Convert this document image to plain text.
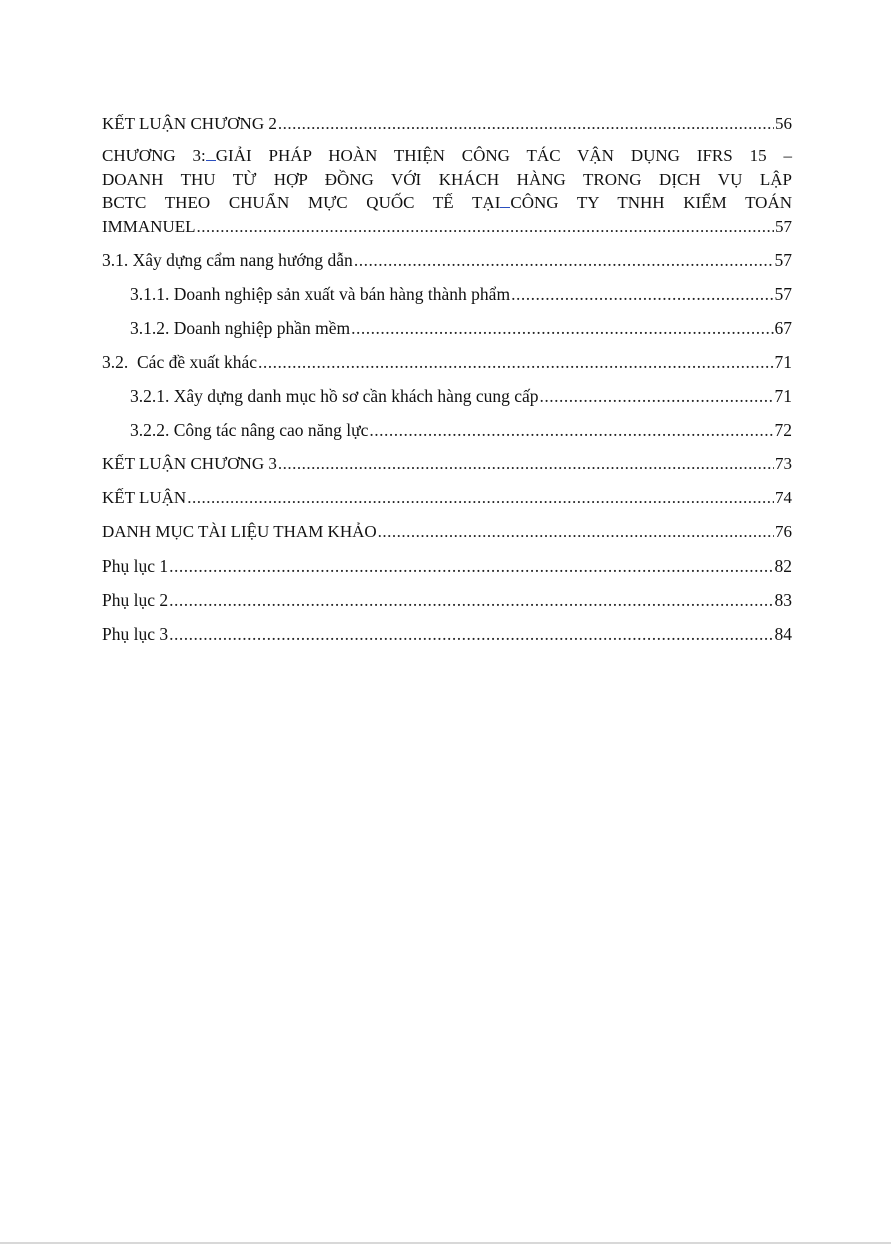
KẾT LUẬN CHƯƠNG 2 .....	56
CHƯƠNG 3: GIẢI PHÁP HOÀN THIỆN CÔNG TÁC VẬN DỤNG IFRS 15 –
DOANH THU TỪ HỢP ĐỒNG VỚI KHÁCH HÀNG TRONG DỊCH VỤ LẬP
BCTC THEO CHUẨN MỰC QUỐC TẾ TẠI CÔNG TY TNHH KIỂM TOÁN
IMMANUEL .....	57
3.1. Xây dựng cẩm nang hướng dẫn .....	57
3.1.1. Doanh nghiệp sản xuất và bán hàng thành phẩm .....	57
3.1.2. Doanh nghiệp phần mềm .....	67
3.2.  Các đề xuất khác .....	71
3.2.1. Xây dựng danh mục hồ sơ cần khách hàng cung cấp .....	71
3.2.2. Công tác nâng cao năng lực .....	72
KẾT LUẬN CHƯƠNG 3 .....	73
KẾT LUẬN .....	74
DANH MỤC TÀI LIỆU THAM KHẢO .....	76
Phụ lục 1 .....	82
Phụ lục 2 .....	83
Phụ lục 3 .....	84
